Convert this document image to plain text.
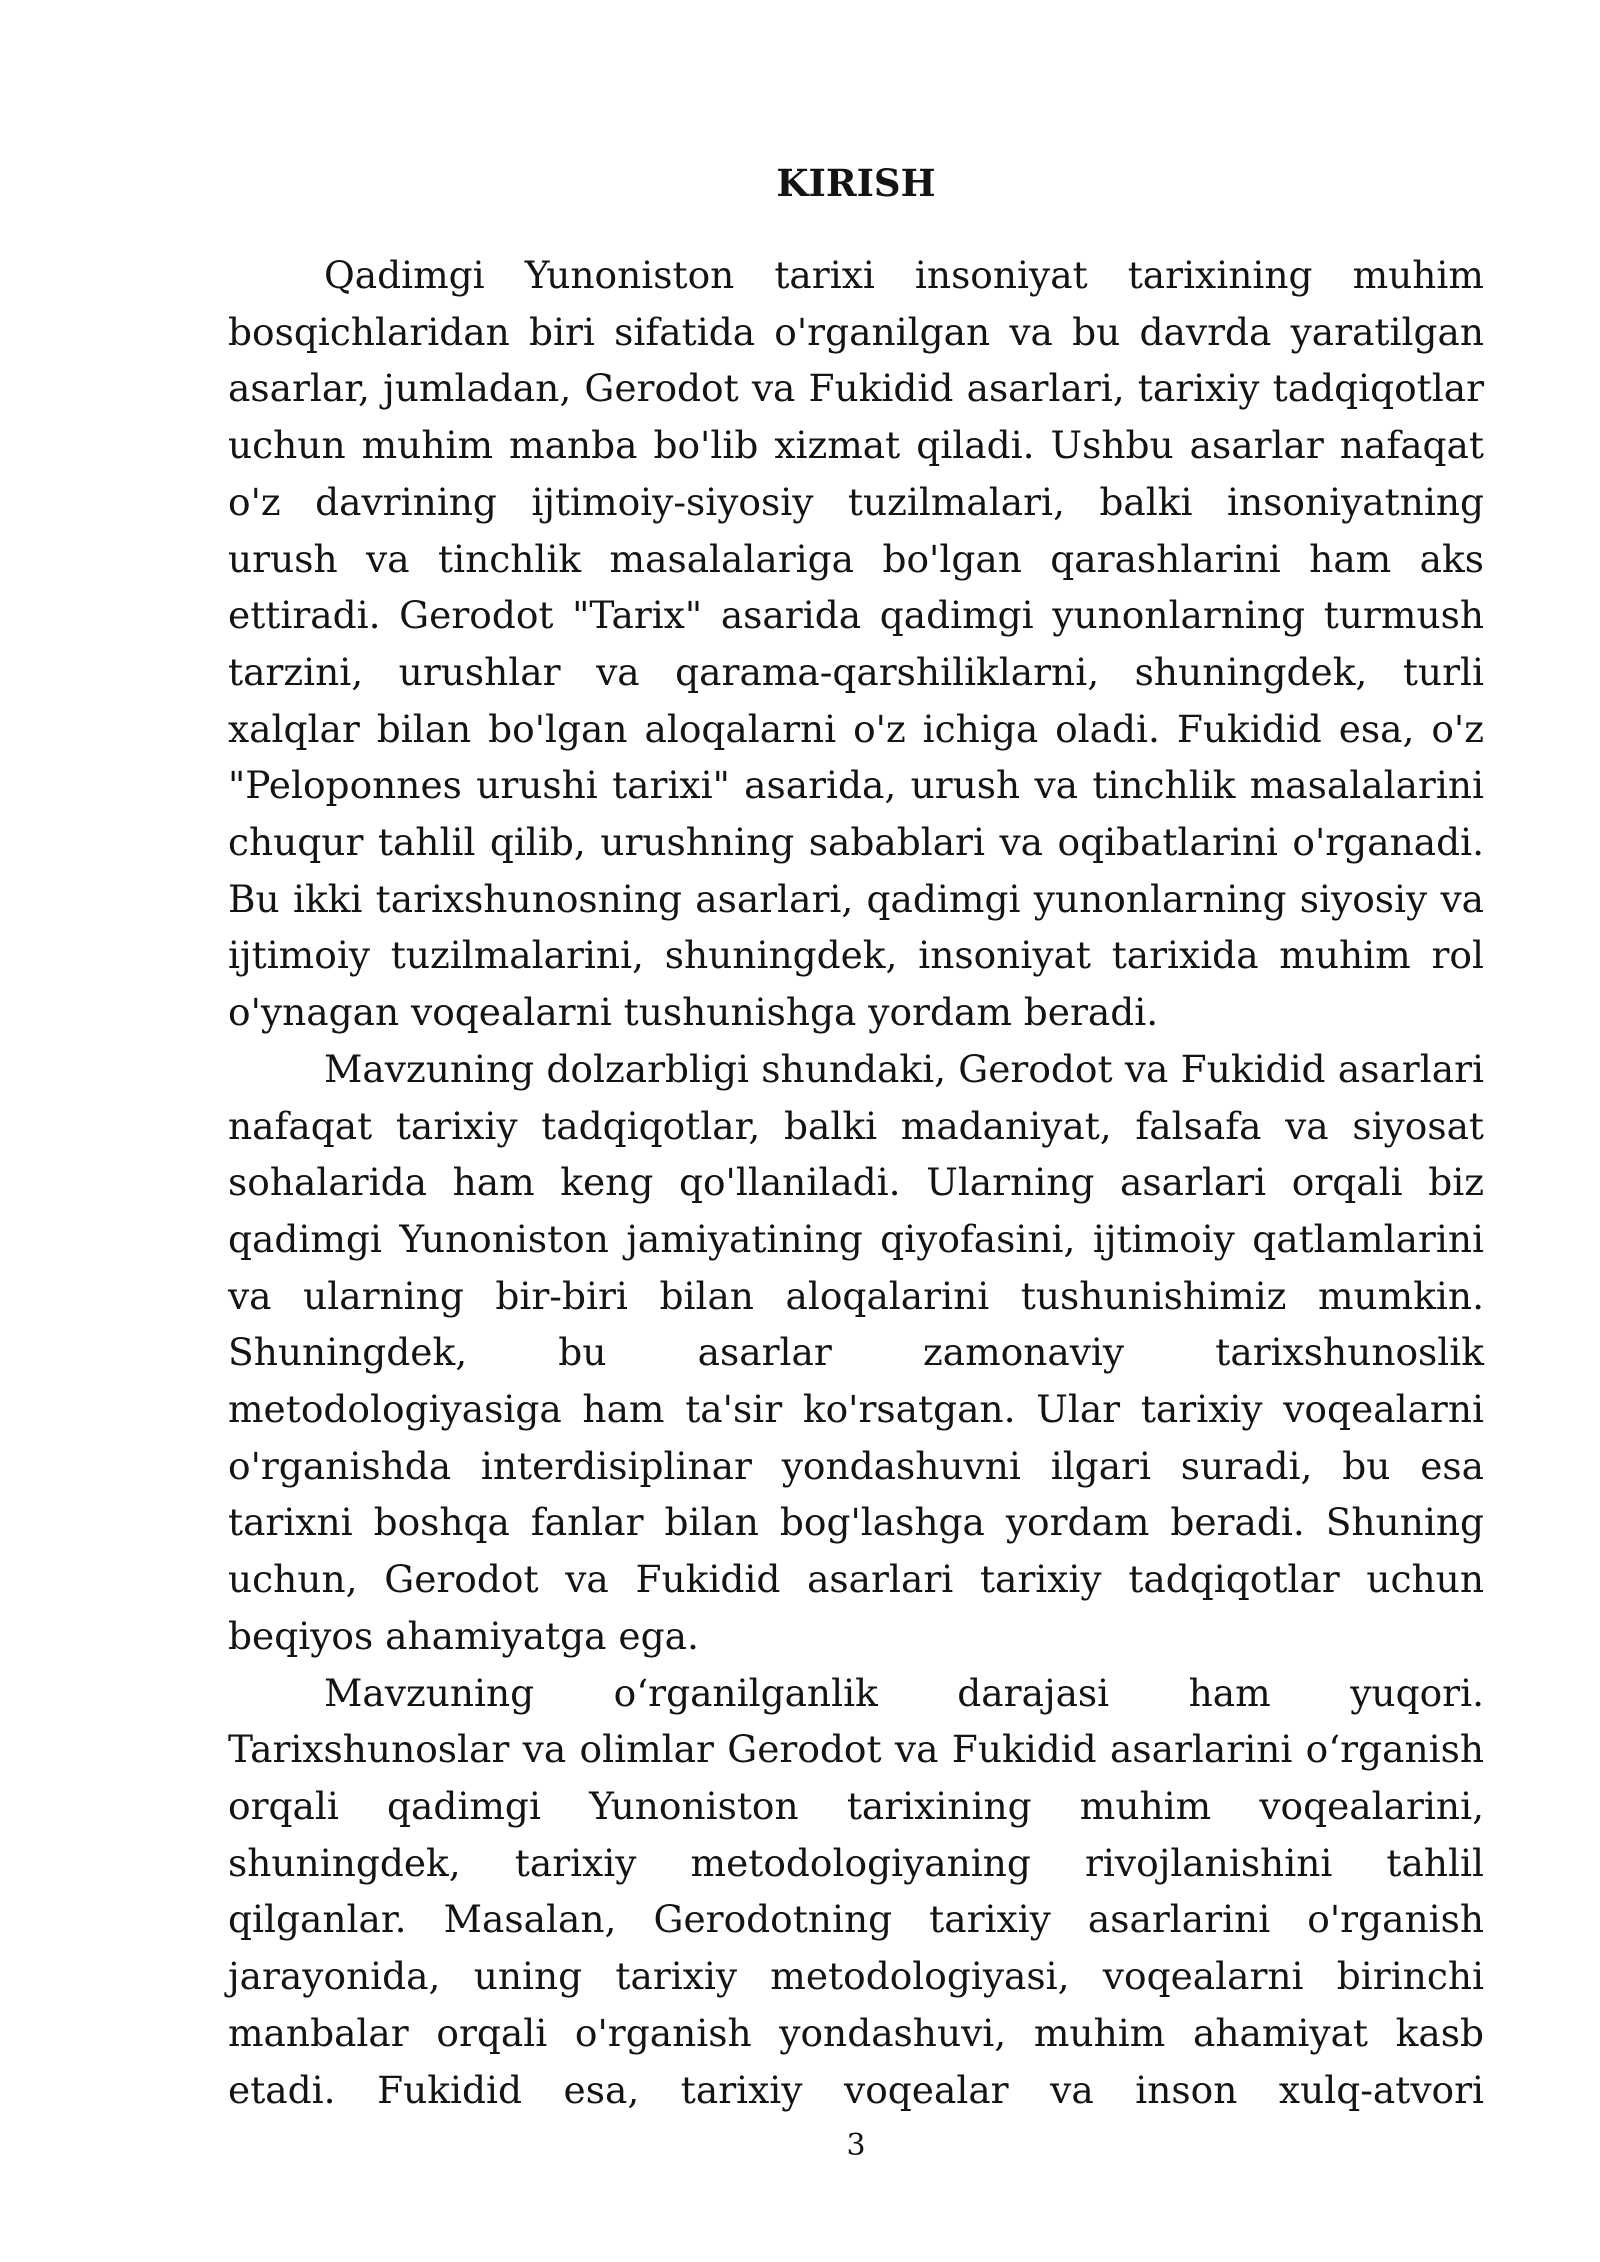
KIRISH

Qadimgi Yunoniston tarixi insoniyat tarixining muhim bosqichlaridan biri sifatida o'rganilgan va bu davrda yaratilgan asarlar, jumladan, Gerodot va Fukidid asarlari, tarixiy tadqiqotlar uchun muhim manba bo'lib xizmat qiladi. Ushbu asarlar nafaqat o'z davrining ijtimoiy-siyosiy tuzilmalari, balki insoniyatning urush va tinchlik masalalariga bo'lgan qarashlarini ham aks ettiradi. Gerodot "Tarix" asarida qadimgi yunonlarning turmush tarzini, urushlar va qarama-qarshiliklarni, shuningdek, turli xalqlar bilan bo'lgan aloqalarni o'z ichiga oladi. Fukidid esa, o'z "Peloponnes urushi tarixi" asarida, urush va tinchlik masalalarini chuqur tahlil qilib, urushning sabablari va oqibatlarini o'rganadi. Bu ikki tarixshunosning asarlari, qadimgi yunonlarning siyosiy va ijtimoiy tuzilmalarini, shuningdek, insoniyat tarixida muhim rol o'ynagan voqealarni tushunishga yordam beradi.

Mavzuning dolzarbligi shundaki, Gerodot va Fukidid asarlari nafaqat tarixiy tadqiqotlar, balki madaniyat, falsafa va siyosat sohalarida ham keng qo'llaniladi. Ularning asarlari orqali biz qadimgi Yunoniston jamiyatining qiyofasini, ijtimoiy qatlamlarini va ularning bir-biri bilan aloqalarini tushunishimiz mumkin. Shuningdek, bu asarlar zamonaviy tarixshunoslik metodologiyasiga ham ta'sir ko'rsatgan. Ular tarixiy voqealarni o'rganishda interdisiplinar yondashuvni ilgari suradi, bu esa tarixni boshqa fanlar bilan bog'lashga yordam beradi. Shuning uchun, Gerodot va Fukidid asarlari tarixiy tadqiqotlar uchun beqiyos ahamiyatga ega.

Mavzuning oʻrganilganlik darajasi ham yuqori. Tarixshunoslar va olimlar Gerodot va Fukidid asarlarini oʻrganish orqali qadimgi Yunoniston tarixining muhim voqealarini, shuningdek, tarixiy metodologiyaning rivojlanishini tahlil qilganlar. Masalan, Gerodotning tarixiy asarlarini o'rganish jarayonida, uning tarixiy metodologiyasi, voqealarni birinchi manbalar orqali o'rganish yondashuvi, muhim ahamiyat kasb etadi. Fukidid esa, tarixiy voqealar va inson xulq-atvori

3
